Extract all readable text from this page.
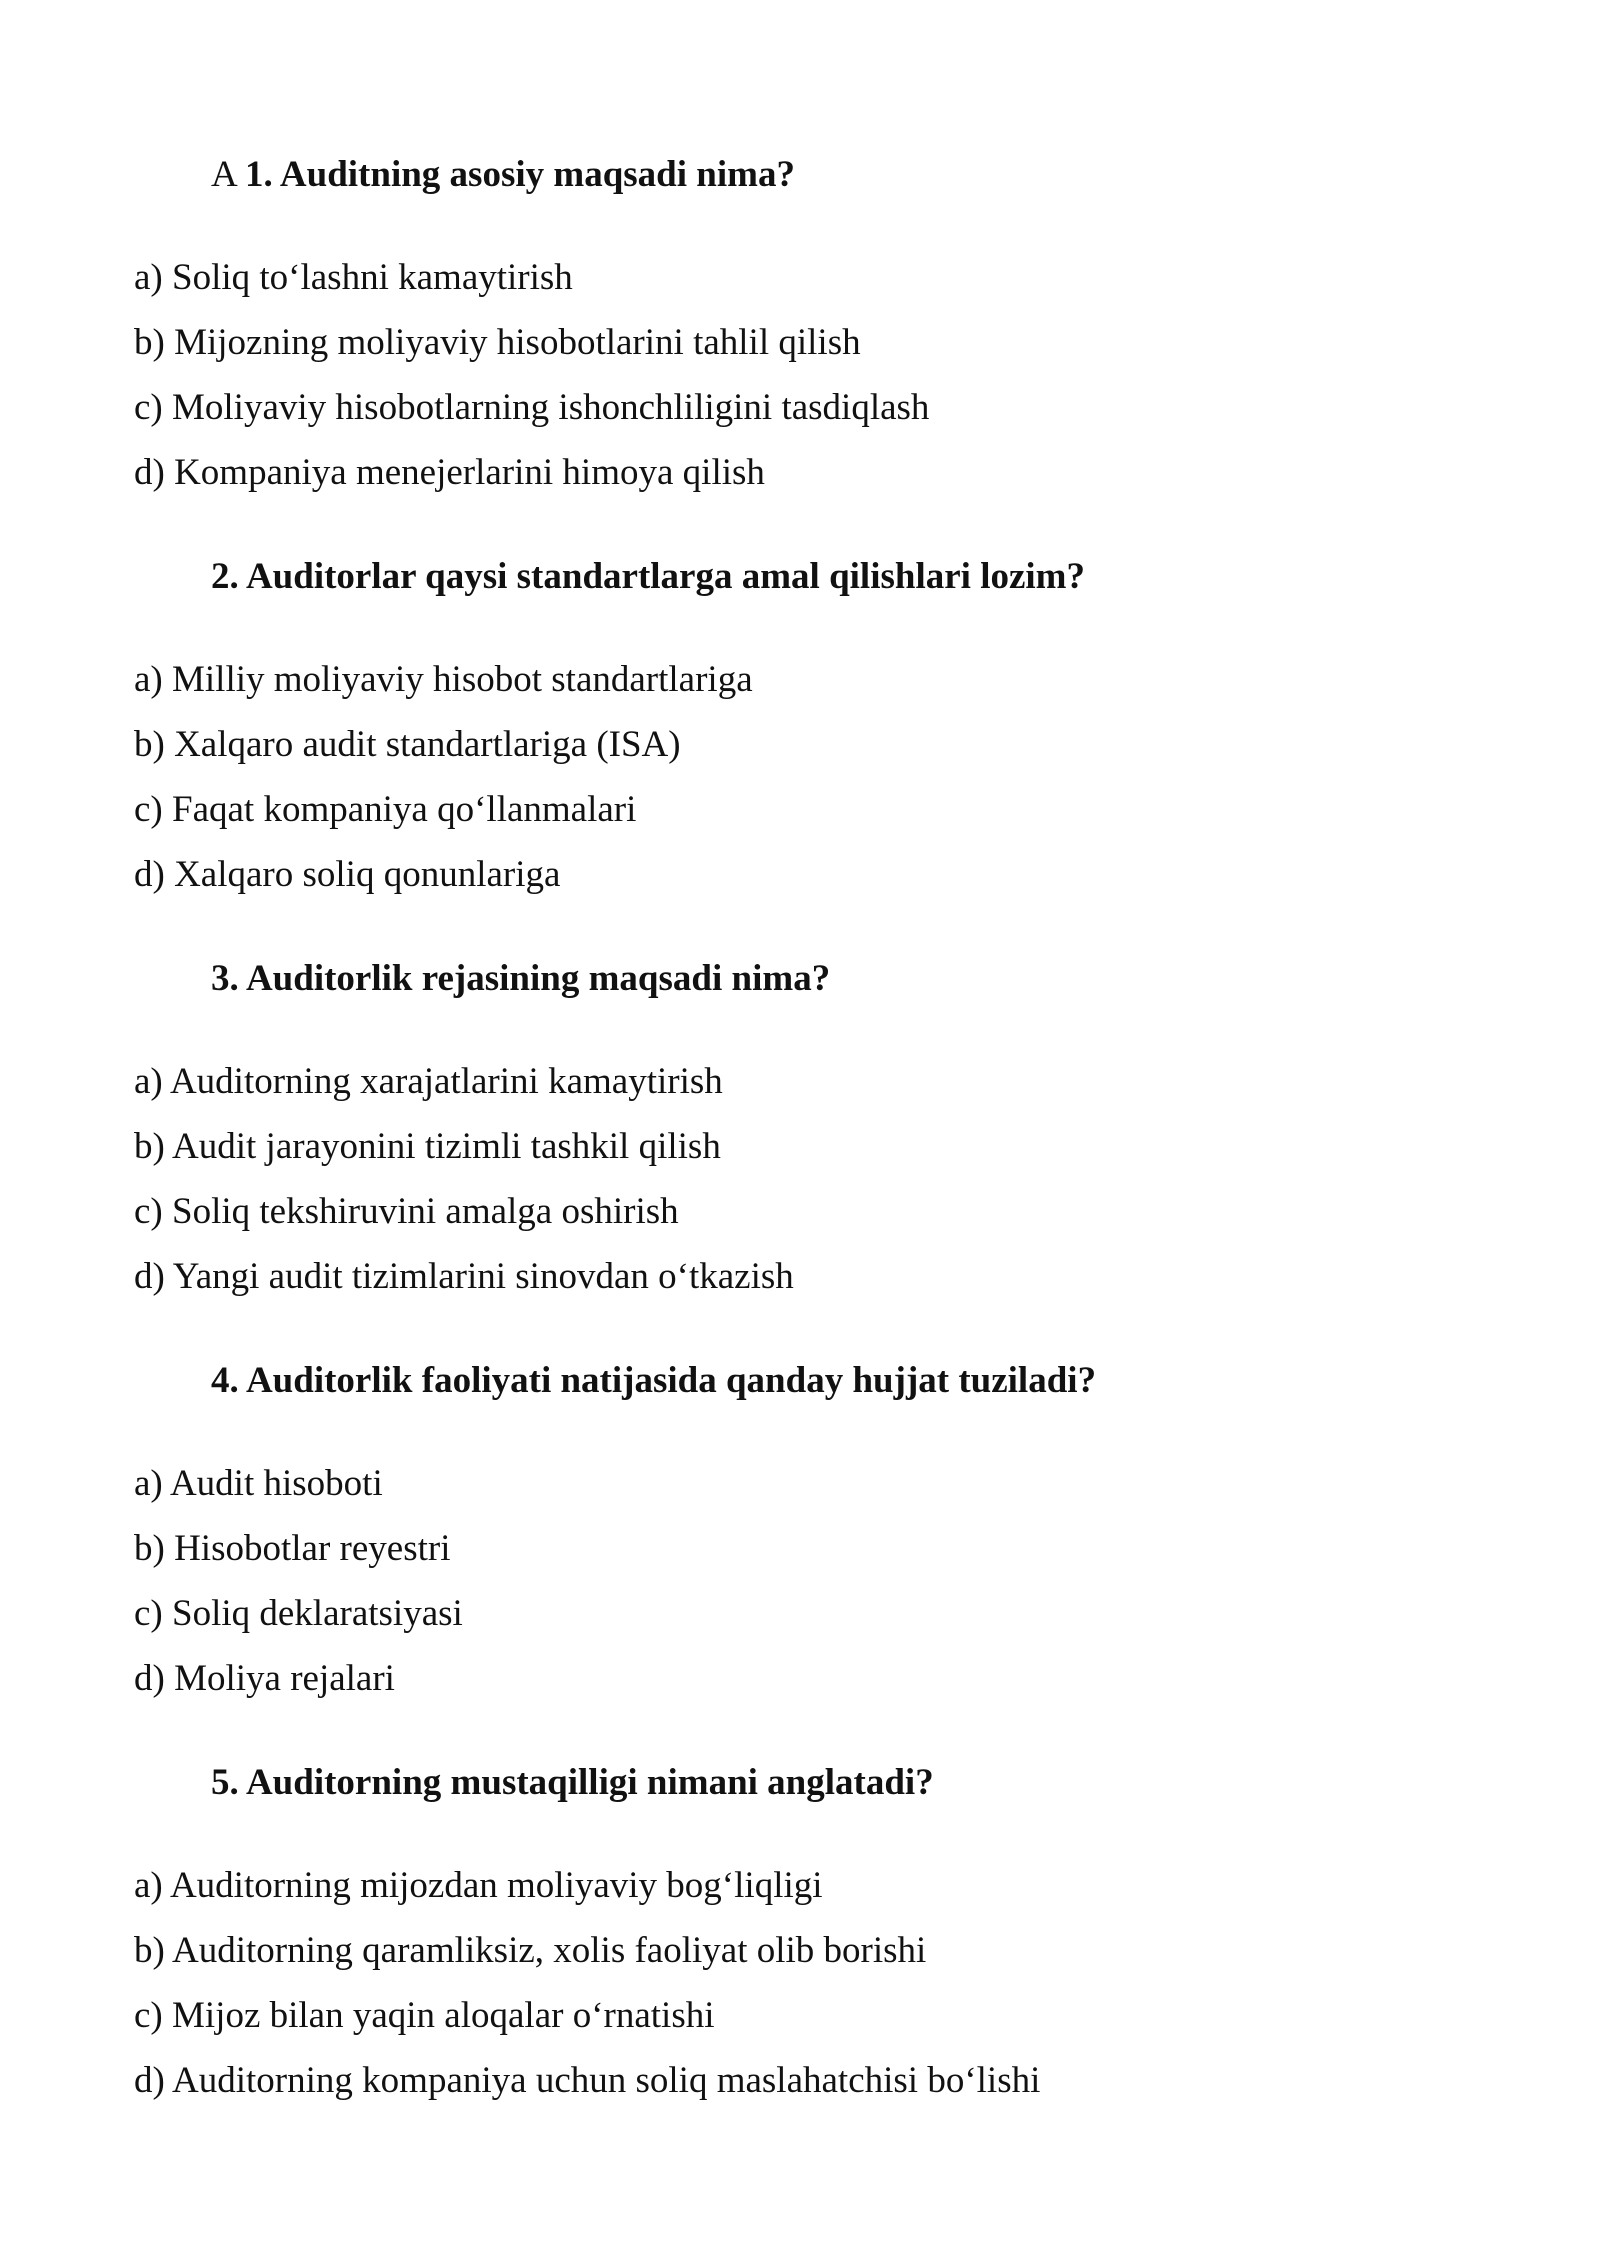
A 1. Auditning asosiy maqsadi nima?
a) Soliq to‘lashni kamaytirish
b) Mijozning moliyaviy hisobotlarini tahlil qilish
c) Moliyaviy hisobotlarning ishonchliligini tasdiqlash
d) Kompaniya menejerlarini himoya qilish
2. Auditorlar qaysi standartlarga amal qilishlari lozim?
a) Milliy moliyaviy hisobot standartlariga
b) Xalqaro audit standartlariga (ISA)
c) Faqat kompaniya qo‘llanmalari
d) Xalqaro soliq qonunlariga
3. Auditorlik rejasining maqsadi nima?
a) Auditorning xarajatlarini kamaytirish
b) Audit jarayonini tizimli tashkil qilish
c) Soliq tekshiruvini amalga oshirish
d) Yangi audit tizimlarini sinovdan o‘tkazish
4. Auditorlik faoliyati natijasida qanday hujjat tuziladi?
a) Audit hisoboti
b) Hisobotlar reyestri
c) Soliq deklaratsiyasi
d) Moliya rejalari
5. Auditorning mustaqilligi nimani anglatadi?
a) Auditorning mijozdan moliyaviy bog‘liqligi
b) Auditorning qaramliksiz, xolis faoliyat olib borishi
c) Mijoz bilan yaqin aloqalar o‘rnatishi
d) Auditorning kompaniya uchun soliq maslahatchisi bo‘lishi
